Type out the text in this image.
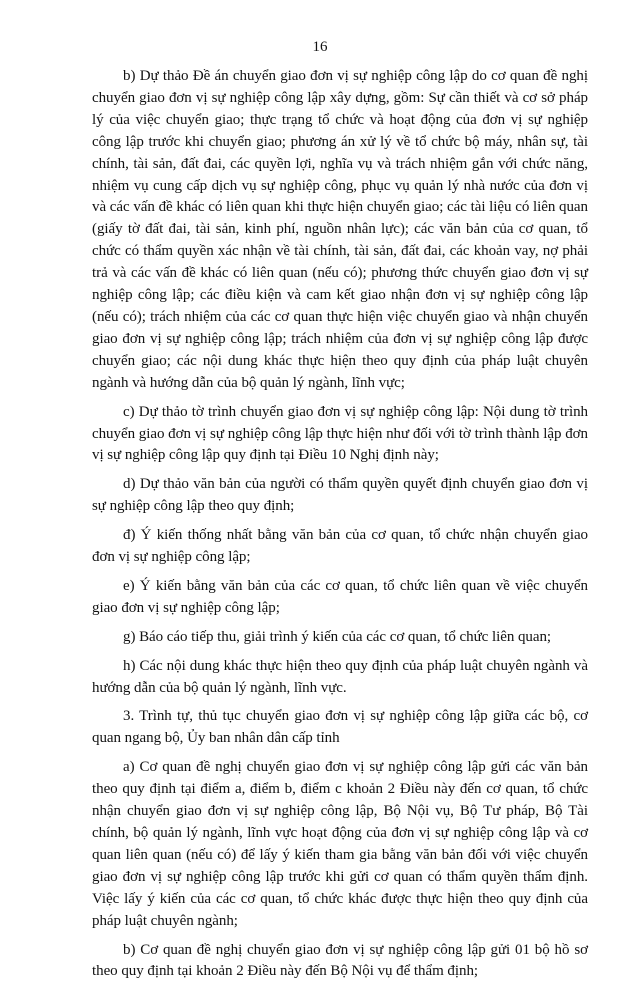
16

b) Dự thảo Đề án chuyển giao đơn vị sự nghiệp công lập do cơ quan đề nghị chuyển giao đơn vị sự nghiệp công lập xây dựng, gồm: Sự cần thiết và cơ sở pháp lý của việc chuyển giao; thực trạng tổ chức và hoạt động của đơn vị sự nghiệp công lập trước khi chuyển giao; phương án xử lý về tổ chức bộ máy, nhân sự, tài chính, tài sản, đất đai, các quyền lợi, nghĩa vụ và trách nhiệm gắn với chức năng, nhiệm vụ cung cấp dịch vụ sự nghiệp công, phục vụ quản lý nhà nước của đơn vị và các vấn đề khác có liên quan khi thực hiện chuyển giao; các tài liệu có liên quan (giấy tờ đất đai, tài sản, kinh phí, nguồn nhân lực); các văn bản của cơ quan, tổ chức có thẩm quyền xác nhận về tài chính, tài sản, đất đai, các khoản vay, nợ phải trả và các vấn đề khác có liên quan (nếu có); phương thức chuyển giao đơn vị sự nghiệp công lập; các điều kiện và cam kết giao nhận đơn vị sự nghiệp công lập (nếu có); trách nhiệm của các cơ quan thực hiện việc chuyển giao và nhận chuyển giao đơn vị sự nghiệp công lập; trách nhiệm của đơn vị sự nghiệp công lập được chuyển giao; các nội dung khác thực hiện theo quy định của pháp luật chuyên ngành và hướng dẫn của bộ quản lý ngành, lĩnh vực;

c) Dự thảo tờ trình chuyển giao đơn vị sự nghiệp công lập: Nội dung tờ trình chuyển giao đơn vị sự nghiệp công lập thực hiện như đối với tờ trình thành lập đơn vị sự nghiệp công lập quy định tại Điều 10 Nghị định này;

d) Dự thảo văn bản của người có thẩm quyền quyết định chuyển giao đơn vị sự nghiệp công lập theo quy định;

đ) Ý kiến thống nhất bằng văn bản của cơ quan, tổ chức nhận chuyển giao đơn vị sự nghiệp công lập;

e) Ý kiến bằng văn bản của các cơ quan, tổ chức liên quan về việc chuyển giao đơn vị sự nghiệp công lập;

g) Báo cáo tiếp thu, giải trình ý kiến của các cơ quan, tổ chức liên quan;

h) Các nội dung khác thực hiện theo quy định của pháp luật chuyên ngành và hướng dẫn của bộ quản lý ngành, lĩnh vực.

3. Trình tự, thủ tục chuyển giao đơn vị sự nghiệp công lập giữa các bộ, cơ quan ngang bộ, Ủy ban nhân dân cấp tỉnh

a) Cơ quan đề nghị chuyển giao đơn vị sự nghiệp công lập gửi các văn bản theo quy định tại điểm a, điểm b, điểm c khoản 2 Điều này đến cơ quan, tổ chức nhận chuyển giao đơn vị sự nghiệp công lập, Bộ Nội vụ, Bộ Tư pháp, Bộ Tài chính, bộ quản lý ngành, lĩnh vực hoạt động của đơn vị sự nghiệp công lập và cơ quan liên quan (nếu có) để lấy ý kiến tham gia bằng văn bản đối với việc chuyển giao đơn vị sự nghiệp công lập trước khi gửi cơ quan có thẩm quyền thẩm định. Việc lấy ý kiến của các cơ quan, tổ chức khác được thực hiện theo quy định của pháp luật chuyên ngành;

b) Cơ quan đề nghị chuyển giao đơn vị sự nghiệp công lập gửi 01 bộ hồ sơ theo quy định tại khoản 2 Điều này đến Bộ Nội vụ để thẩm định;
